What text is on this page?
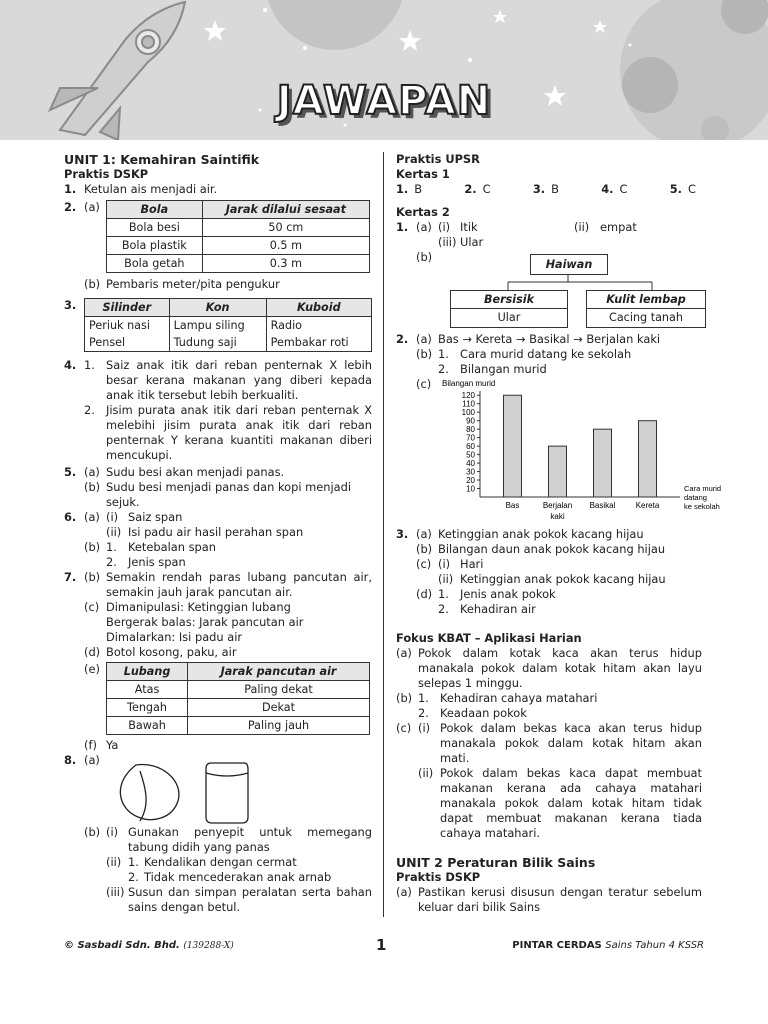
JAWAPAN
UNIT 1: Kemahiran Saintifik
Praktis DSKP
1. Ketulan ais menjadi air.
2. (a)	Bola	Jarak dilalui sesaat
Bola besi	50 cm
Bola plastik	0.5 m
Bola getah	0.3 m
(b) Pembaris meter/pita pengukur
3.	Silinder	Kon	Kuboid
Periuk nasi	Lampu siling	Radio
Pensel	Tudung saji	Pembakar roti
4. 1. Saiz anak itik dari reban penternak X lebih besar kerana makanan yang diberi kepada anak itik tersebut lebih berkualiti.
2. Jisim purata anak itik dari reban penternak X melebihi jisim purata anak itik dari reban penternak Y kerana kuantiti makanan diberi mencukupi.
5. (a) Sudu besi akan menjadi panas.
(b) Sudu besi menjadi panas dan kopi menjadi sejuk.
6. (a) (i) Saiz span
(ii) Isi padu air hasil perahan span
(b) 1. Ketebalan span
2. Jenis span
7. (b) Semakin rendah paras lubang pancutan air, semakin jauh jarak pancutan air.
(c) Dimanipulasi: Ketinggian lubang
Bergerak balas: Jarak pancutan air
Dimalarkan: Isi padu air
(d) Botol kosong, paku, air
(e)	Lubang	Jarak pancutan air
Atas	Paling dekat
Tengah	Dekat
Bawah	Paling jauh
(f) Ya
8. (a)
(b) (i) Gunakan penyepit untuk memegang tabung didih yang panas
(ii) 1. Kendalikan dengan cermat
2. Tidak mencederakan anak arnab
(iii) Susun dan simpan peralatan serta bahan sains dengan betul.
Praktis UPSR
Kertas 1
1. B	2. C	3. B	4. C	5. C
Kertas 2
1. (a) (i) Itik	(ii) empat
(iii) Ular
(b)
Haiwan
Bersisik
Ular
Kulit lembap
Cacing tanah
2. (a) Bas → Kereta → Basikal → Berjalan kaki
(b) 1. Cara murid datang ke sekolah
2. Bilangan murid
(c)	Bilangan murid
10
20
30
40
50
60
70
80
90
100
110
120
Bas	Berjalan
kaki
Basikal	Kereta
Cara murid
datang
ke sekolah
3. (a) Ketinggian anak pokok kacang hijau
(b) Bilangan daun anak pokok kacang hijau
(c) (i) Hari
(ii) Ketinggian anak pokok kacang hijau
(d) 1. Jenis anak pokok
2. Kehadiran air
Fokus KBAT – Aplikasi Harian
(a) Pokok dalam kotak kaca akan terus hidup manakala pokok dalam kotak hitam akan layu selepas 1 minggu.
(b) 1. Kehadiran cahaya matahari
2. Keadaan pokok
(c) (i) Pokok dalam bekas kaca akan terus hidup manakala pokok dalam kotak hitam akan mati.
(ii) Pokok dalam bekas kaca dapat membuat makanan kerana ada cahaya matahari manakala pokok dalam kotak hitam tidak dapat membuat makanan kerana tiada cahaya matahari.
UNIT 2 Peraturan Bilik Sains
Praktis DSKP
(a) Pastikan kerusi disusun dengan teratur sebelum keluar dari bilik Sains
© Sasbadi Sdn. Bhd. (139288-X)	1	PINTAR CERDAS Sains Tahun 4 KSSR
